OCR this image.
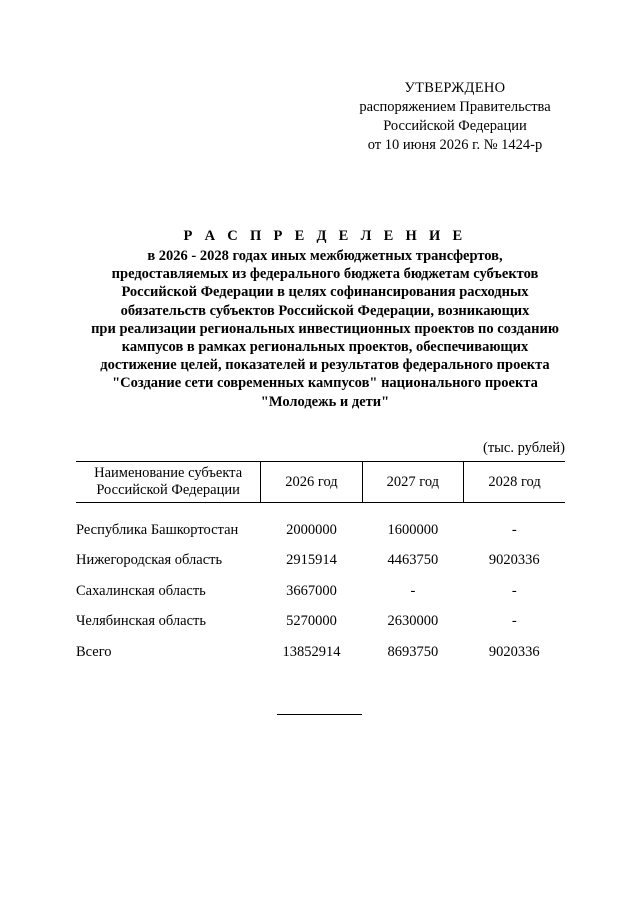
УТВЕРЖДЕНО
распоряжением Правительства
Российской Федерации
от 10 июня 2026 г. № 1424-р
Р А С П Р Е Д Е Л Е Н И Е
в 2026 - 2028 годах иных межбюджетных трансфертов,
предоставляемых из федерального бюджета бюджетам субъектов
Российской Федерации в целях софинансирования расходных
обязательств субъектов Российской Федерации, возникающих
при реализации региональных инвестиционных проектов по созданию
кампусов в рамках региональных проектов, обеспечивающих
достижение целей, показателей и результатов федерального проекта
"Создание сети современных кампусов" национального проекта
"Молодежь и дети"
(тыс. рублей)
Наименование субъекта
Российской Федерации	2026 год	2027 год	2028 год

Республика Башкортостан	2000000	1600000	-
Нижегородская область	2915914	4463750	9020336
Сахалинская область	3667000	-	-
Челябинская область	5270000	2630000	-
Всего	13852914	8693750	9020336
